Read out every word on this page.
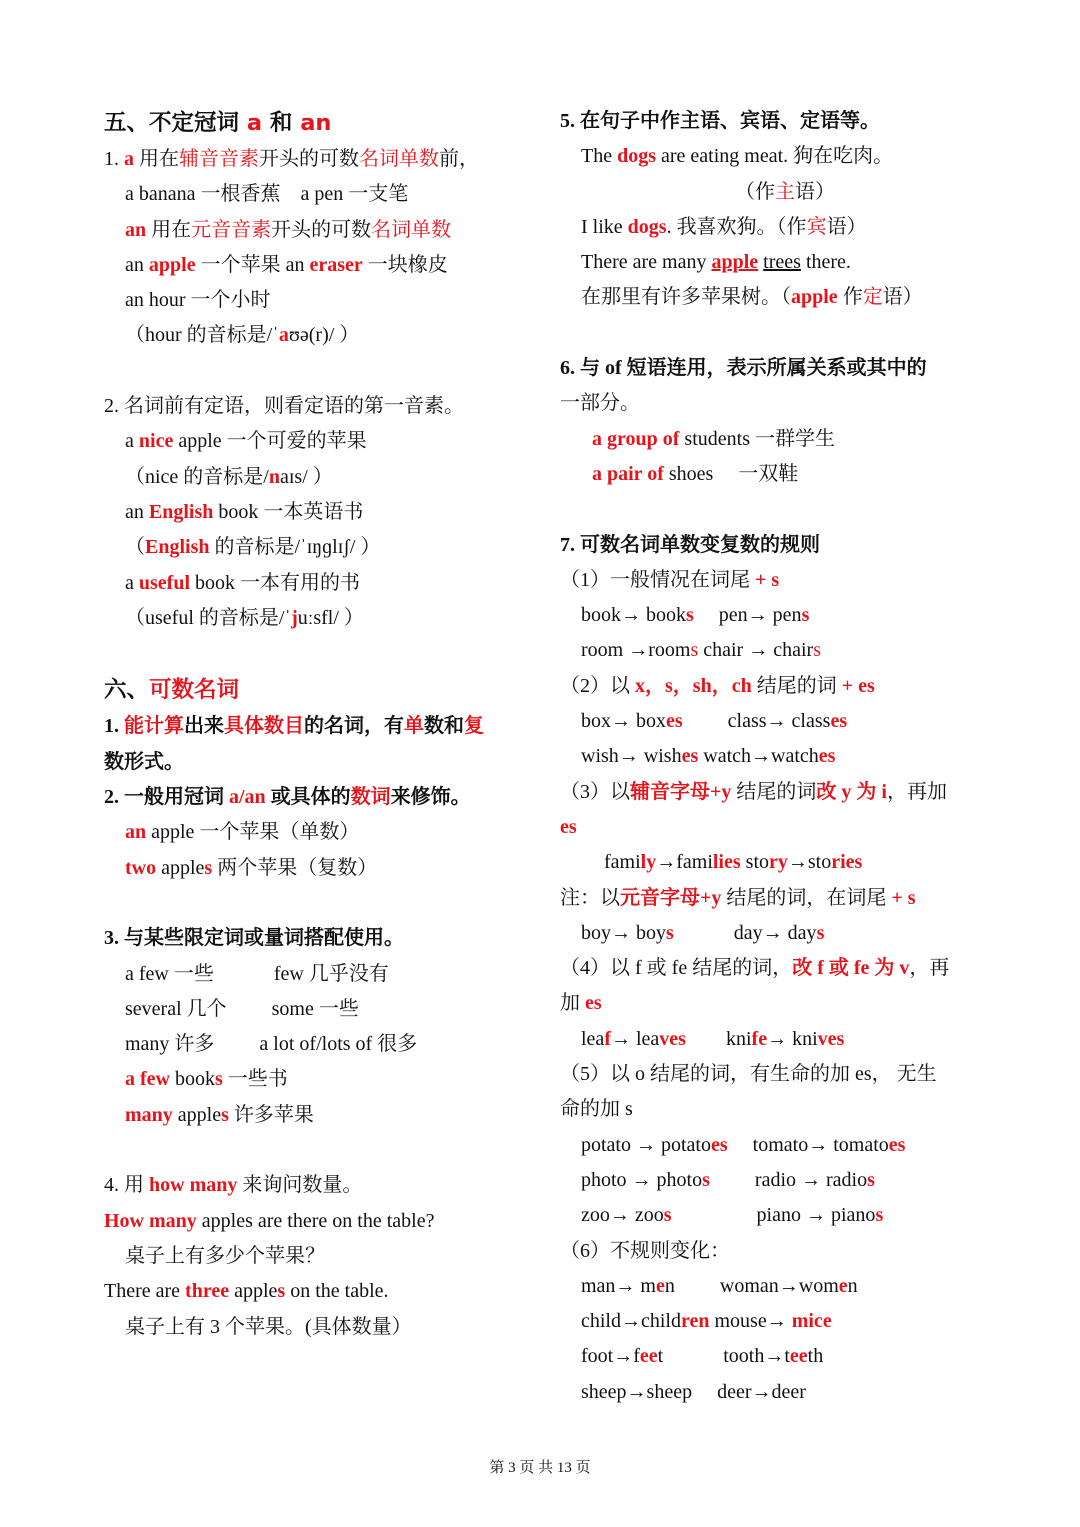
五、不定冠词 a 和 an
1. a 用在辅音音素开头的可数名词单数前，
a banana 一根香蕉　a pen 一支笔
an 用在元音音素开头的可数名词单数
an apple 一个苹果 an eraser 一块橡皮
an hour 一个小时
（hour 的音标是/ˈaʊə(r)/ ）
2. 名词前有定语，则看定语的第一音素。
a nice apple 一个可爱的苹果
（nice 的音标是/naɪs/ ）
an English book 一本英语书
（English 的音标是/ˈɪŋɡlɪʃ/ ）
a useful book 一本有用的书
（useful 的音标是/ˈjuːsfl/ ）
六、可数名词
1. 能计算出来具体数目的名词，有单数和复
数形式。
2. 一般用冠词 a/an 或具体的数词来修饰。
an apple 一个苹果（单数）
two apples 两个苹果（复数）
3. 与某些限定词或量词搭配使用。
a few 一些　　　few 几乎没有
several 几个　　 some 一些
many 许多　　 a lot of/lots of 很多
a few books 一些书
many apples 许多苹果
4. 用 how many 来询问数量。
How many apples are there on the table?
桌子上有多少个苹果？
There are three apples on the table.
桌子上有 3 个苹果。(具体数量）
5. 在句子中作主语、宾语、定语等。
The dogs are eating meat. 狗在吃肉。
（作主语）
I like dogs. 我喜欢狗。（作宾语）
There are many apple trees there.
在那里有许多苹果树。（apple 作定语）
6. 与 of 短语连用，表示所属关系或其中的
一部分。
a group of students 一群学生
a pair of shoes　 一双鞋
7. 可数名词单数变复数的规则
（1）一般情况在词尾 + s
book→ books　 pen→ pens
room →rooms chair → chairs
（2）以 x，s，sh，ch 结尾的词 + es
box→ boxes　　 class→ classes
wish→ wishes watch→watches
（3）以辅音字母+y 结尾的词改 y 为 i，再加
es
family→families story→stories
注：以元音字母+y 结尾的词，在词尾 + s
boy→ boys　　　day→ days
（4）以 f 或 fe 结尾的词，改 f 或 fe 为 v，再
加 es
leaf→ leaves　　knife→ knives
（5）以 o 结尾的词，有生命的加 es， 无生
命的加 s
potato → potatoes　 tomato→ tomatoes
photo → photos　　 radio → radios
zoo→ zoos　　　　 piano → pianos
（6）不规则变化：
man→ men　　 woman→women
child→children mouse→ mice
foot→feet　　　tooth→teeth
sheep→sheep　 deer→deer
第 3 页 共 13 页
